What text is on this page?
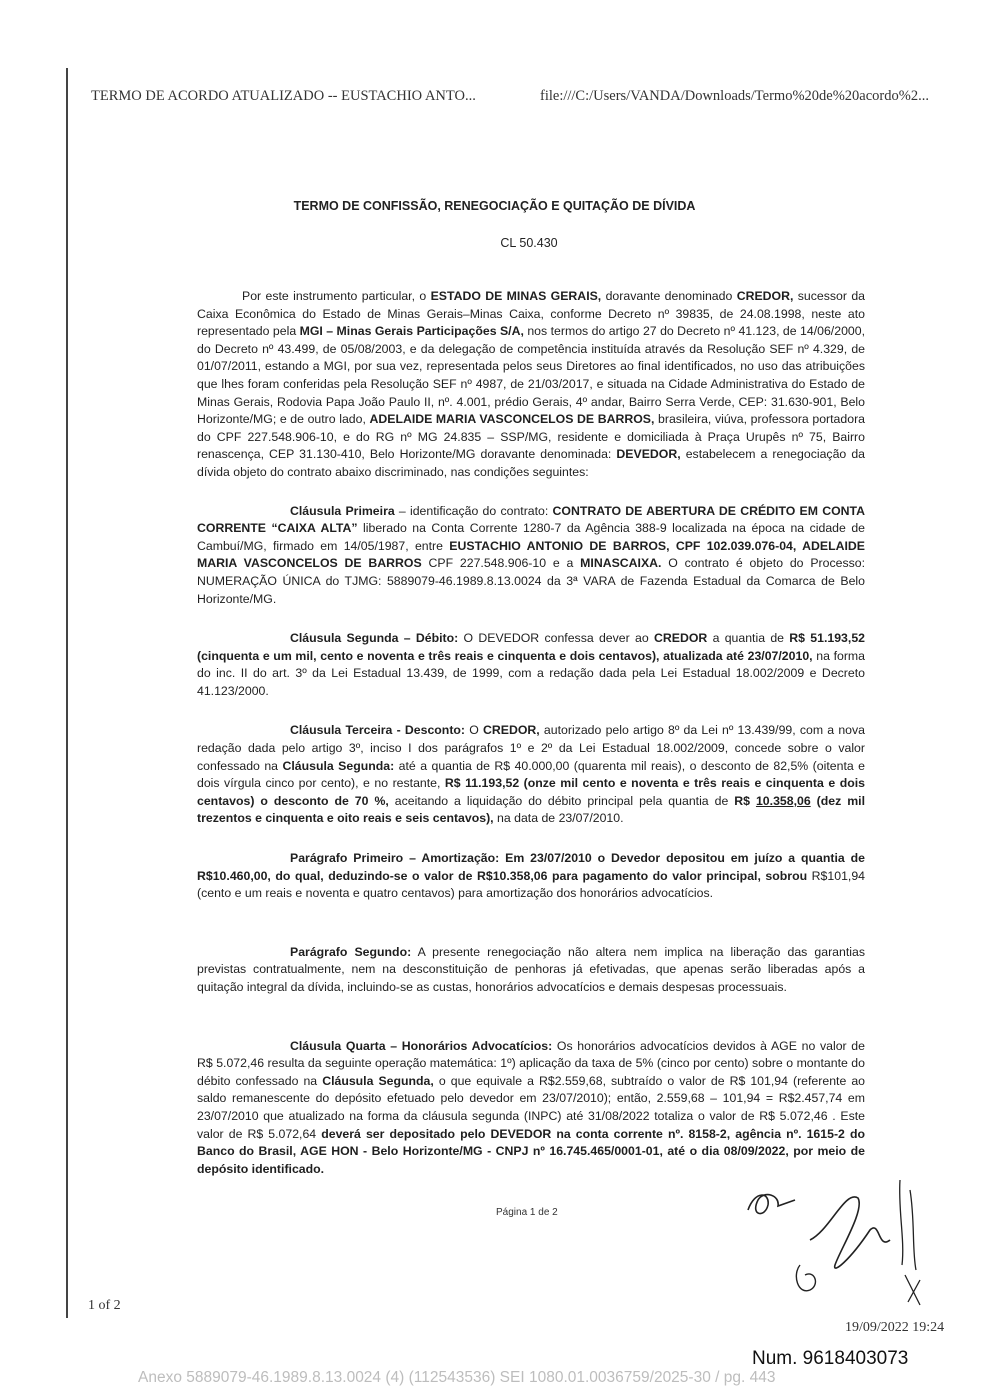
TERMO DE ACORDO ATUALIZADO -- EUSTACHIO ANTO...	file:///C:/Users/VANDA/Downloads/Termo%20de%20acordo%2...
TERMO DE CONFISSÃO, RENEGOCIAÇÃO E QUITAÇÃO DE DÍVIDA
CL 50.430

Por este instrumento particular, o ESTADO DE MINAS GERAIS, doravante denominado CREDOR, sucessor da Caixa Econômica do Estado de Minas Gerais–Minas Caixa, conforme Decreto nº 39835, de 24.08.1998, neste ato representado pela MGI – Minas Gerais Participações S/A, nos termos do artigo 27 do Decreto nº 41.123, de 14/06/2000, do Decreto nº 43.499, de 05/08/2003, e da delegação de competência instituída através da Resolução SEF nº 4.329, de 01/07/2011, estando a MGI, por sua vez, representada pelos seus Diretores ao final identificados, no uso das atribuições que lhes foram conferidas pela Resolução SEF nº 4987, de 21/03/2017, e situada na Cidade Administrativa do Estado de Minas Gerais, Rodovia Papa João Paulo II, nº. 4.001, prédio Gerais, 4º andar, Bairro Serra Verde, CEP: 31.630-901, Belo Horizonte/MG; e de outro lado, ADELAIDE MARIA VASCONCELOS DE BARROS, brasileira, viúva, professora portadora do CPF 227.548.906-10, e do RG nº MG 24.835 – SSP/MG, residente e domiciliada à Praça Urupês nº 75, Bairro renascença, CEP 31.130-410, Belo Horizonte/MG doravante denominada: DEVEDOR, estabelecem a renegociação da dívida objeto do contrato abaixo discriminado, nas condições seguintes:

Cláusula Primeira – identificação do contrato: CONTRATO DE ABERTURA DE CRÉDITO EM CONTA CORRENTE “CAIXA ALTA” liberado na Conta Corrente 1280-7 da Agência 388-9 localizada na época na cidade de Cambuí/MG, firmado em 14/05/1987, entre EUSTACHIO ANTONIO DE BARROS, CPF 102.039.076-04, ADELAIDE MARIA VASCONCELOS DE BARROS CPF 227.548.906-10 e a MINASCAIXA. O contrato é objeto do Processo: NUMERAÇÃO ÚNICA do TJMG: 5889079-46.1989.8.13.0024 da 3ª VARA de Fazenda Estadual da Comarca de Belo Horizonte/MG.

Cláusula Segunda – Débito: O DEVEDOR confessa dever ao CREDOR a quantia de R$ 51.193,52 (cinquenta e um mil, cento e noventa e três reais e cinquenta e dois centavos), atualizada até 23/07/2010, na forma do inc. II do art. 3º da Lei Estadual 13.439, de 1999, com a redação dada pela Lei Estadual 18.002/2009 e Decreto 41.123/2000.

Cláusula Terceira - Desconto: O CREDOR, autorizado pelo artigo 8º da Lei nº 13.439/99, com a nova redação dada pelo artigo 3º, inciso I dos parágrafos 1º e 2º da Lei Estadual 18.002/2009, concede sobre o valor confessado na Cláusula Segunda: até a quantia de R$ 40.000,00 (quarenta mil reais), o desconto de 82,5% (oitenta e dois vírgula cinco por cento), e no restante, R$ 11.193,52 (onze mil cento e noventa e três reais e cinquenta e dois centavos) o desconto de 70 %, aceitando a liquidação do débito principal pela quantia de R$ 10.358,06 (dez mil trezentos e cinquenta e oito reais e seis centavos), na data de 23/07/2010.

Parágrafo Primeiro – Amortização: Em 23/07/2010 o Devedor depositou em juízo a quantia de R$10.460,00, do qual, deduzindo-se o valor de R$10.358,06 para pagamento do valor principal, sobrou R$101,94 (cento e um reais e noventa e quatro centavos) para amortização dos honorários advocatícios.

Parágrafo Segundo: A presente renegociação não altera nem implica na liberação das garantias previstas contratualmente, nem na desconstituição de penhoras já efetivadas, que apenas serão liberadas após a quitação integral da dívida, incluindo-se as custas, honorários advocatícios e demais despesas processuais.

Cláusula Quarta – Honorários Advocatícios: Os honorários advocatícios devidos à AGE no valor de R$ 5.072,46 resulta da seguinte operação matemática: 1º) aplicação da taxa de 5% (cinco por cento) sobre o montante do débito confessado na Cláusula Segunda, o que equivale a R$2.559,68, subtraído o valor de R$ 101,94 (referente ao saldo remanescente do depósito efetuado pelo devedor em 23/07/2010); então, 2.559,68 – 101,94 = R$2.457,74 em 23/07/2010 que atualizado na forma da cláusula segunda (INPC) até 31/08/2022 totaliza o valor de R$ 5.072,46 . Este valor de R$ 5.072,64 deverá ser depositado pelo DEVEDOR na conta corrente nº. 8158-2, agência nº. 1615-2 do Banco do Brasil, AGE HON - Belo Horizonte/MG - CNPJ nº 16.745.465/0001-01, até o dia 08/09/2022, por meio de depósito identificado.

Página 1 de 2
1 of 2
19/09/2022 19:24
Num. 9618403073
Anexo 5889079-46.1989.8.13.0024 (4) (112543536) SEI 1080.01.0036759/2025-30 / pg. 443
